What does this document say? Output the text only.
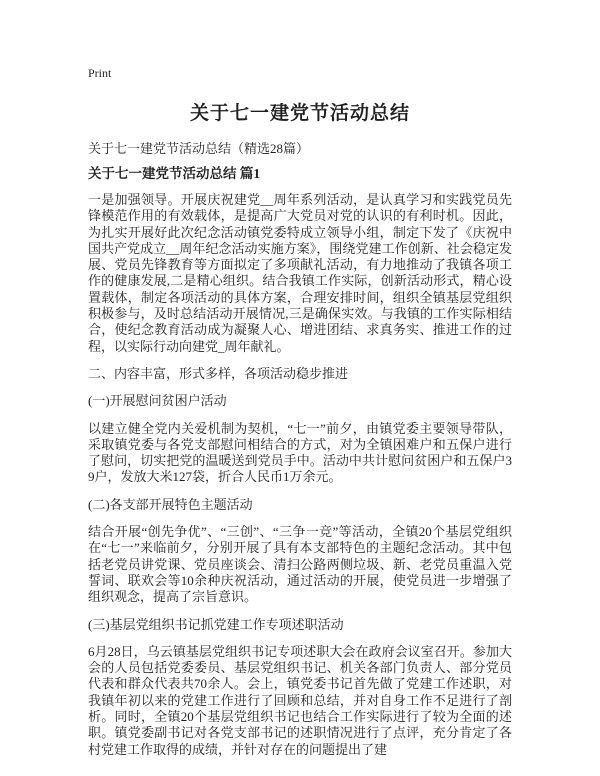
Print
关于七一建党节活动总结

关于七一建党节活动总结（精选28篇）

关于七一建党节活动总结 篇1

一是加强领导。开展庆祝建党__周年系列活动，是认真学习和实践党员先锋模范作用的有效载体，是提高广大党员对党的认识的有利时机。因此，为扎实开展好此次纪念活动镇党委特成立领导小组，制定下发了《庆祝中国共产党成立__周年纪念活动实施方案》，围绕党建工作创新、社会稳定发展、党员先锋教育等方面拟定了多项献礼活动，有力地推动了我镇各项工作的健康发展,二是精心组织。结合我镇工作实际，创新活动形式，精心设置载体，制定各项活动的具体方案，合理安排时间，组织全镇基层党组织积极参与，及时总结活动开展情况,三是确保实效。与我镇的工作实际相结合，使纪念教育活动成为凝聚人心、增进团结、求真务实、推进工作的过程，以实际行动向建党_周年献礼。

二、内容丰富，形式多样，各项活动稳步推进

(一)开展慰问贫困户活动

以建立健全党内关爱机制为契机，“七一”前夕，由镇党委主要领导带队，采取镇党委与各党支部慰问相结合的方式，对为全镇困难户和五保户进行了慰问，切实把党的温暖送到党员手中。活动中共计慰问贫困户和五保户39户，发放大米127袋，折合人民币1万余元。

(二)各支部开展特色主题活动

结合开展“创先争优”、“三创”、“三争一竞”等活动，全镇20个基层党组织在“七一”来临前夕，分别开展了具有本支部特色的主题纪念活动。其中包括老党员讲党课、党员座谈会、清扫公路两侧垃圾、新、老党员重温入党誓词、联欢会等10余种庆祝活动，通过活动的开展，使党员进一步增强了组织观念，提高了宗旨意识。

(三)基层党组织书记抓党建工作专项述职活动

6月28日，乌云镇基层党组织书记专项述职大会在政府会议室召开。参加大会的人员包括党委委员、基层党组织书记、机关各部门负责人、部分党员代表和群众代表共70余人。会上，镇党委书记首先做了党建工作述职，对我镇年初以来的党建工作进行了回顾和总结，并对自身工作不足进行了剖析。同时，全镇20个基层党组织书记也结合工作实际进行了较为全面的述职。镇党委副书记对各党支部书记的述职情况进行了点评，充分肯定了各村党建工作取得的成绩，并针对存在的问题提出了建
